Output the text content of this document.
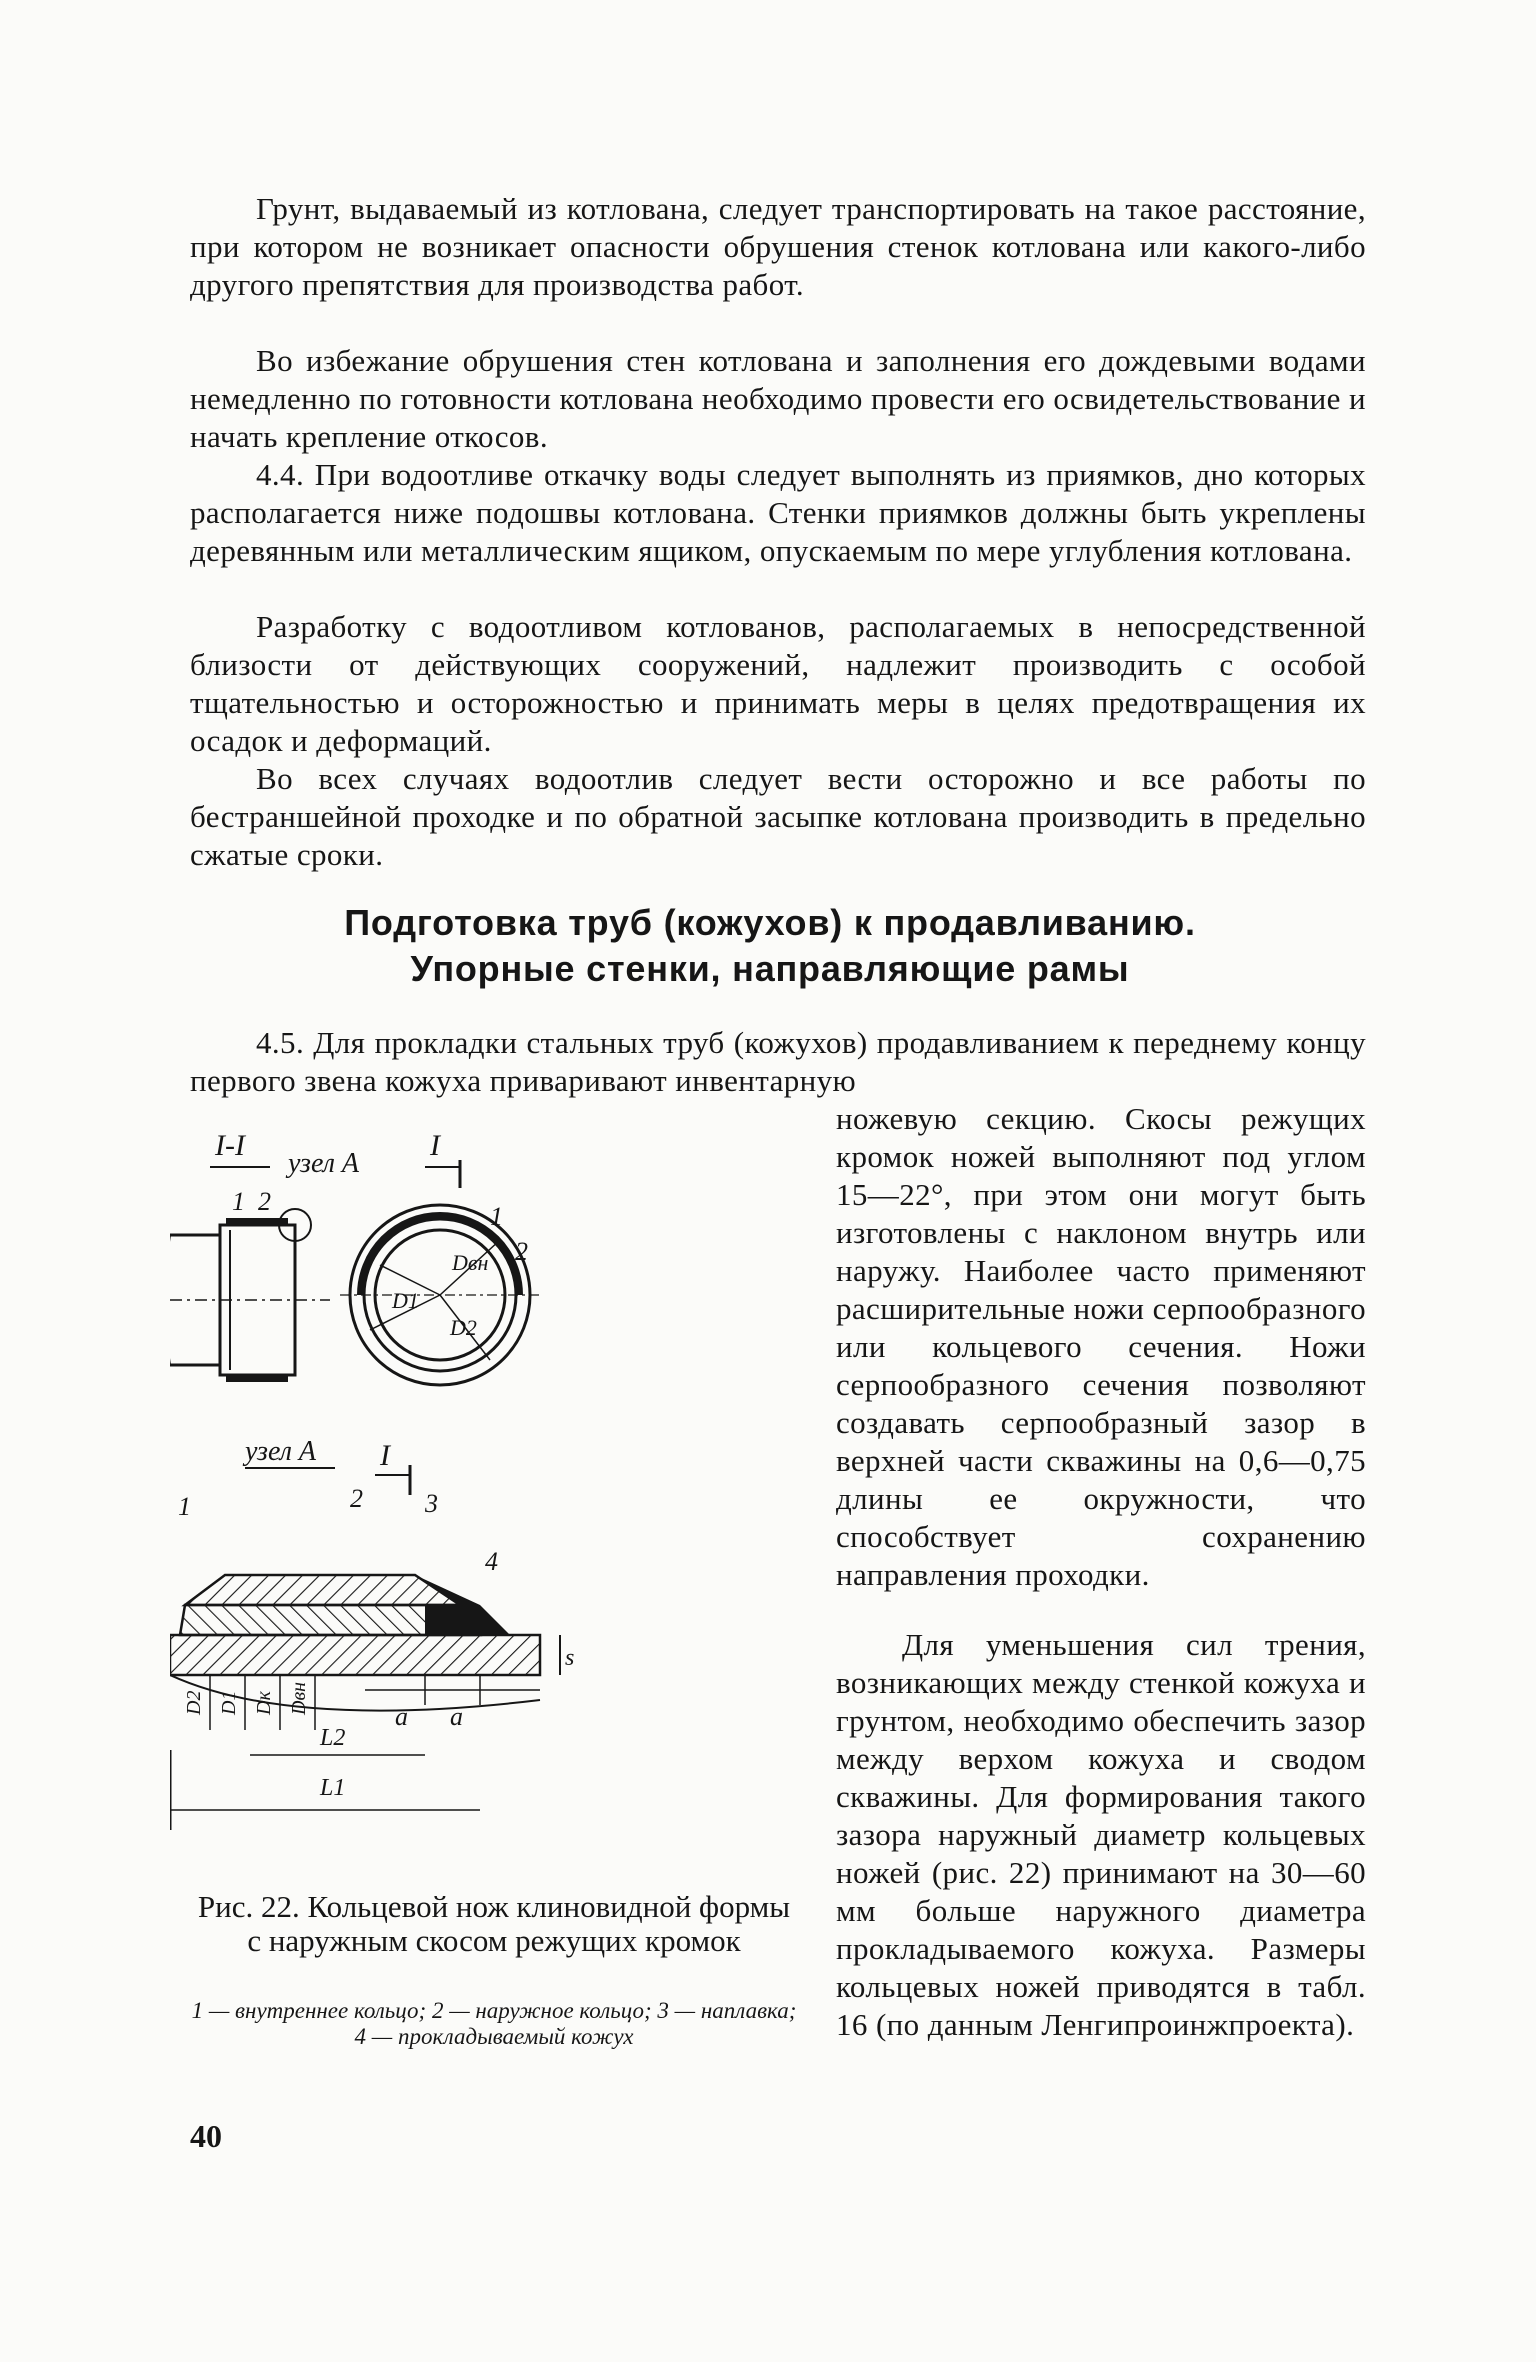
Грунт, выдаваемый из котлована, следует транспортировать на такое расстояние, при котором не возникает опасности обрушения стенок котлована или какого-либо другого препятствия для производства работ.

Во избежание обрушения стен котлована и заполнения его дождевыми водами немедленно по готовности котлована необходимо провести его освидетельствование и начать крепление откосов.

4.4. При водоотливе откачку воды следует выполнять из приямков, дно которых располагается ниже подошвы котлована. Стенки приямков должны быть укреплены деревянным или металлическим ящиком, опускаемым по мере углубления котлована.

Разработку с водоотливом котлованов, располагаемых в непосредственной близости от действующих сооружений, надлежит производить с особой тщательностью и осторожностью и принимать меры в целях предотвращения их осадок и деформаций.

Во всех случаях водоотлив следует вести осторожно и все работы по бестраншейной проходке и по обратной засыпке котлована производить в предельно сжатые сроки.

Подготовка труб (кожухов) к продавливанию.
Упорные стенки, направляющие рамы

4.5. Для прокладки стальных труб (кожухов) продавливанием к переднему концу первого звена кожуха приваривают инвентарную

ножевую секцию. Скосы режущих кромок ножей выполняют под углом 15—22°, при этом они могут быть изготовлены с наклоном внутрь или наружу. Наиболее часто применяют расширительные ножи серпообразного или кольцевого сечения. Ножи серпообразного сечения позволяют создавать серпообразный зазор в верхней части скважины на 0,6—0,75 длины ее окружности, что способствует сохранению направления проходки.

Для уменьшения сил трения, возникающих между стенкой кожуха и грунтом, необходимо обеспечить зазор между верхом кожуха и сводом скважины. Для формирования такого зазора наружный диаметр кольцевых ножей (рис. 22) принимают на 30—60 мм больше наружного диаметра прокладываемого кожуха. Размеры кольцевых ножей приводятся в табл. 16 (по данным Ленгипроинжпроекта).

I-I
узел А
1 2
I
Dвн
D1
D2
1
2
узел А I
1	2 3
4
s
D2 D1 Dк Dвн
a a
L2
L1

Рис. 22. Кольцевой нож клиновидной формы с наружным скосом режущих кромок

1 — внутреннее кольцо; 2 — наружное кольцо; 3 — наплавка; 4 — прокладываемый кожух

40
